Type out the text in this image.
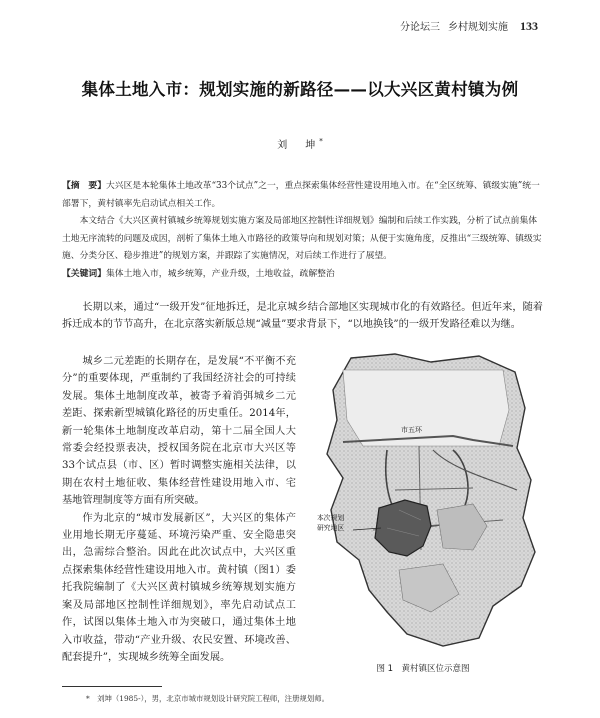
分论坛三 乡村规划实施 133
集体土地入市：规划实施的新路径——以大兴区黄村镇为例
刘　坤*

【摘　要】大兴区是本轮集体土地改革“33个试点”之一，重点探索集体经营性建设用地入市。在“全区统筹、镇级实施”统一部署下，黄村镇率先启动试点相关工作。

本文结合《大兴区黄村镇城乡统筹规划实施方案及局部地区控制性详细规划》编制和后续工作实践，分析了试点前集体土地无序流转的问题及成因，剖析了集体土地入市路径的政策导向和规划对策；从便于实施角度，反推出“三级统筹、镇级实施、分类分区、稳步推进”的规划方案，并跟踪了实施情况，对后续工作进行了展望。

【关键词】集体土地入市，城乡统筹，产业升级，土地收益，疏解整治

长期以来，通过“一级开发”征地拆迁，是北京城乡结合部地区实现城市化的有效路径。但近年来，随着拆迁成本的节节高升，在北京落实新版总规“减量”要求背景下，“以地换钱”的一级开发路径难以为继。

城乡二元差距的长期存在，是发展“不平衡不充分”的重要体现，严重制约了我国经济社会的可持续发展。集体土地制度改革，被寄予着消弭城乡二元差距、探索新型城镇化路径的历史重任。2014年，新一轮集体土地制度改革启动，第十二届全国人大常委会经投票表决，授权国务院在北京市大兴区等33个试点县（市、区）暂时调整实施相关法律，以期在农村土地征收、集体经营性建设用地入市、宅基地管理制度等方面有所突破。

作为北京的“城市发展新区”，大兴区的集体产业用地长期无序蔓延、环境污染严重、安全隐患突出，急需综合整治。因此在此次试点中，大兴区重点探索集体经营性建设用地入市。黄村镇（图1）委托我院编制了《大兴区黄村镇城乡统筹规划实施方案及局部地区控制性详细规划》，率先启动试点工作，试图以集体土地入市为突破口，通过集体土地入市收益，带动“产业升级、农民安置、环境改善、配套提升”，实现城乡统筹全面发展。

市五环
本次规划
研究地区
图 1　黄村镇区位示意图
*　刘坤（1985-），男，北京市城市规划设计研究院工程师，注册规划师。
